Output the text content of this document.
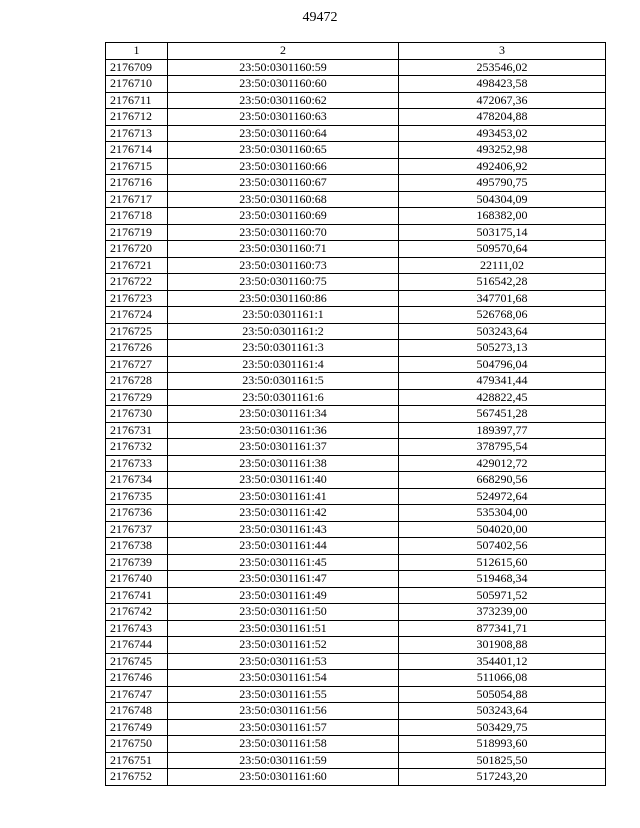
49472
1	2	3
2176709	23:50:0301160:59	253546,02
2176710	23:50:0301160:60	498423,58
2176711	23:50:0301160:62	472067,36
2176712	23:50:0301160:63	478204,88
2176713	23:50:0301160:64	493453,02
2176714	23:50:0301160:65	493252,98
2176715	23:50:0301160:66	492406,92
2176716	23:50:0301160:67	495790,75
2176717	23:50:0301160:68	504304,09
2176718	23:50:0301160:69	168382,00
2176719	23:50:0301160:70	503175,14
2176720	23:50:0301160:71	509570,64
2176721	23:50:0301160:73	22111,02
2176722	23:50:0301160:75	516542,28
2176723	23:50:0301160:86	347701,68
2176724	23:50:0301161:1	526768,06
2176725	23:50:0301161:2	503243,64
2176726	23:50:0301161:3	505273,13
2176727	23:50:0301161:4	504796,04
2176728	23:50:0301161:5	479341,44
2176729	23:50:0301161:6	428822,45
2176730	23:50:0301161:34	567451,28
2176731	23:50:0301161:36	189397,77
2176732	23:50:0301161:37	378795,54
2176733	23:50:0301161:38	429012,72
2176734	23:50:0301161:40	668290,56
2176735	23:50:0301161:41	524972,64
2176736	23:50:0301161:42	535304,00
2176737	23:50:0301161:43	504020,00
2176738	23:50:0301161:44	507402,56
2176739	23:50:0301161:45	512615,60
2176740	23:50:0301161:47	519468,34
2176741	23:50:0301161:49	505971,52
2176742	23:50:0301161:50	373239,00
2176743	23:50:0301161:51	877341,71
2176744	23:50:0301161:52	301908,88
2176745	23:50:0301161:53	354401,12
2176746	23:50:0301161:54	511066,08
2176747	23:50:0301161:55	505054,88
2176748	23:50:0301161:56	503243,64
2176749	23:50:0301161:57	503429,75
2176750	23:50:0301161:58	518993,60
2176751	23:50:0301161:59	501825,50
2176752	23:50:0301161:60	517243,20
